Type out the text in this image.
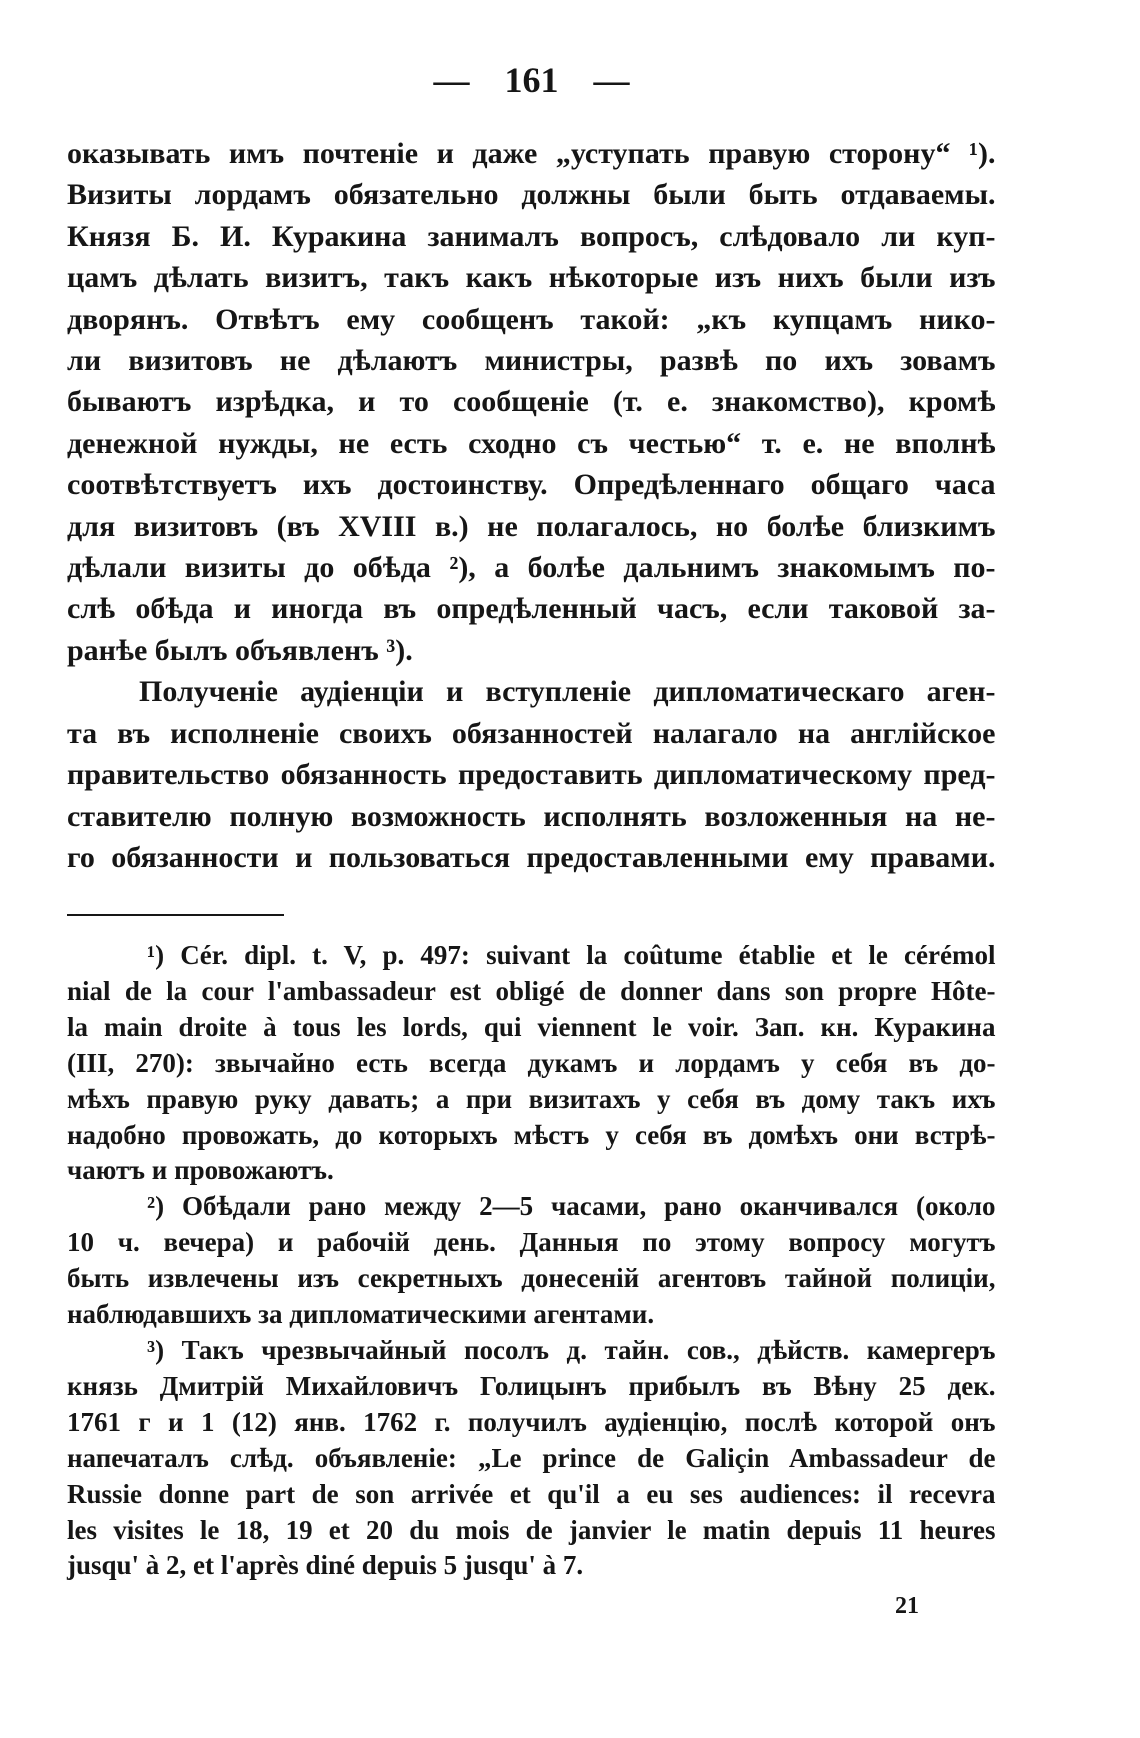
— 161 —
оказывать имъ почтеніе и даже „уступать правую сторону“ ¹).
Визиты лордамъ обязательно должны были быть отдаваемы.
Князя Б. И. Куракина занималъ вопросъ, слѣдовало ли куп-
цамъ дѣлать визитъ, такъ какъ нѣкоторые изъ нихъ были изъ
дворянъ. Отвѣтъ ему сообщенъ такой: „къ купцамъ нико-
ли визитовъ не дѣлаютъ министры, развѣ по ихъ зовамъ
бываютъ изрѣдка, и то сообщеніе (т. е. знакомство), кромѣ
денежной нужды, не есть сходно съ честью“ т. е. не вполнѣ
соотвѣтствуетъ ихъ достоинству. Опредѣленнаго общаго часа
для визитовъ (въ XVIII в.) не полагалось, но болѣе близкимъ
дѣлали визиты до обѣда ²), а болѣе дальнимъ знакомымъ по-
слѣ обѣда и иногда въ опредѣленный часъ, если таковой за-
ранѣе былъ объявленъ ³).
Полученіе аудіенціи и вступленіе дипломатическаго аген-
та въ исполненіе своихъ обязанностей налагало на англійское
правительство обязанность предоставить дипломатическому пред-
ставителю полную возможность исполнять возложенныя на не-
го обязанности и пользоваться предоставленными ему правами.
¹) Cér. dipl. t. V, p. 497: suivant la coûtume établie et le cérémol
nial de la cour l'ambassadeur est obligé de donner dans son propre Hôte-
la main droite à tous les lords, qui viennent le voir. Зап. кн. Куракина
(III, 270): звычайно есть всегда дукамъ и лордамъ у себя въ до-
мѣхъ правую руку давать; а при визитахъ у себя въ дому такъ ихъ
надобно провожать, до которыхъ мѣстъ у себя въ домѣхъ они встрѣ-
чаютъ и провожаютъ.
²) Обѣдали рано между 2—5 часами, рано оканчивался (около
10 ч. вечера) и рабочій день. Данныя по этому вопросу могутъ
быть извлечены изъ секретныхъ донесеній агентовъ тайной полиціи,
наблюдавшихъ за дипломатическими агентами.
³) Такъ чрезвычайный посолъ д. тайн. сов., дѣйств. камергеръ
князь Дмитрій Михайловичъ Голицынъ прибылъ въ Вѣну 25 дек.
1761 г и 1 (12) янв. 1762 г. получилъ аудіенцію, послѣ которой онъ
напечаталъ слѣд. объявленіе: „Le prince de Galiçin Ambassadeur de
Russie donne part de son arrivée et qu'il a eu ses audiences: il recevra
les visites le 18, 19 et 20 du mois de janvier le matin depuis 11 heures
jusqu' à 2, et l'après diné depuis 5 jusqu' à 7.
21
